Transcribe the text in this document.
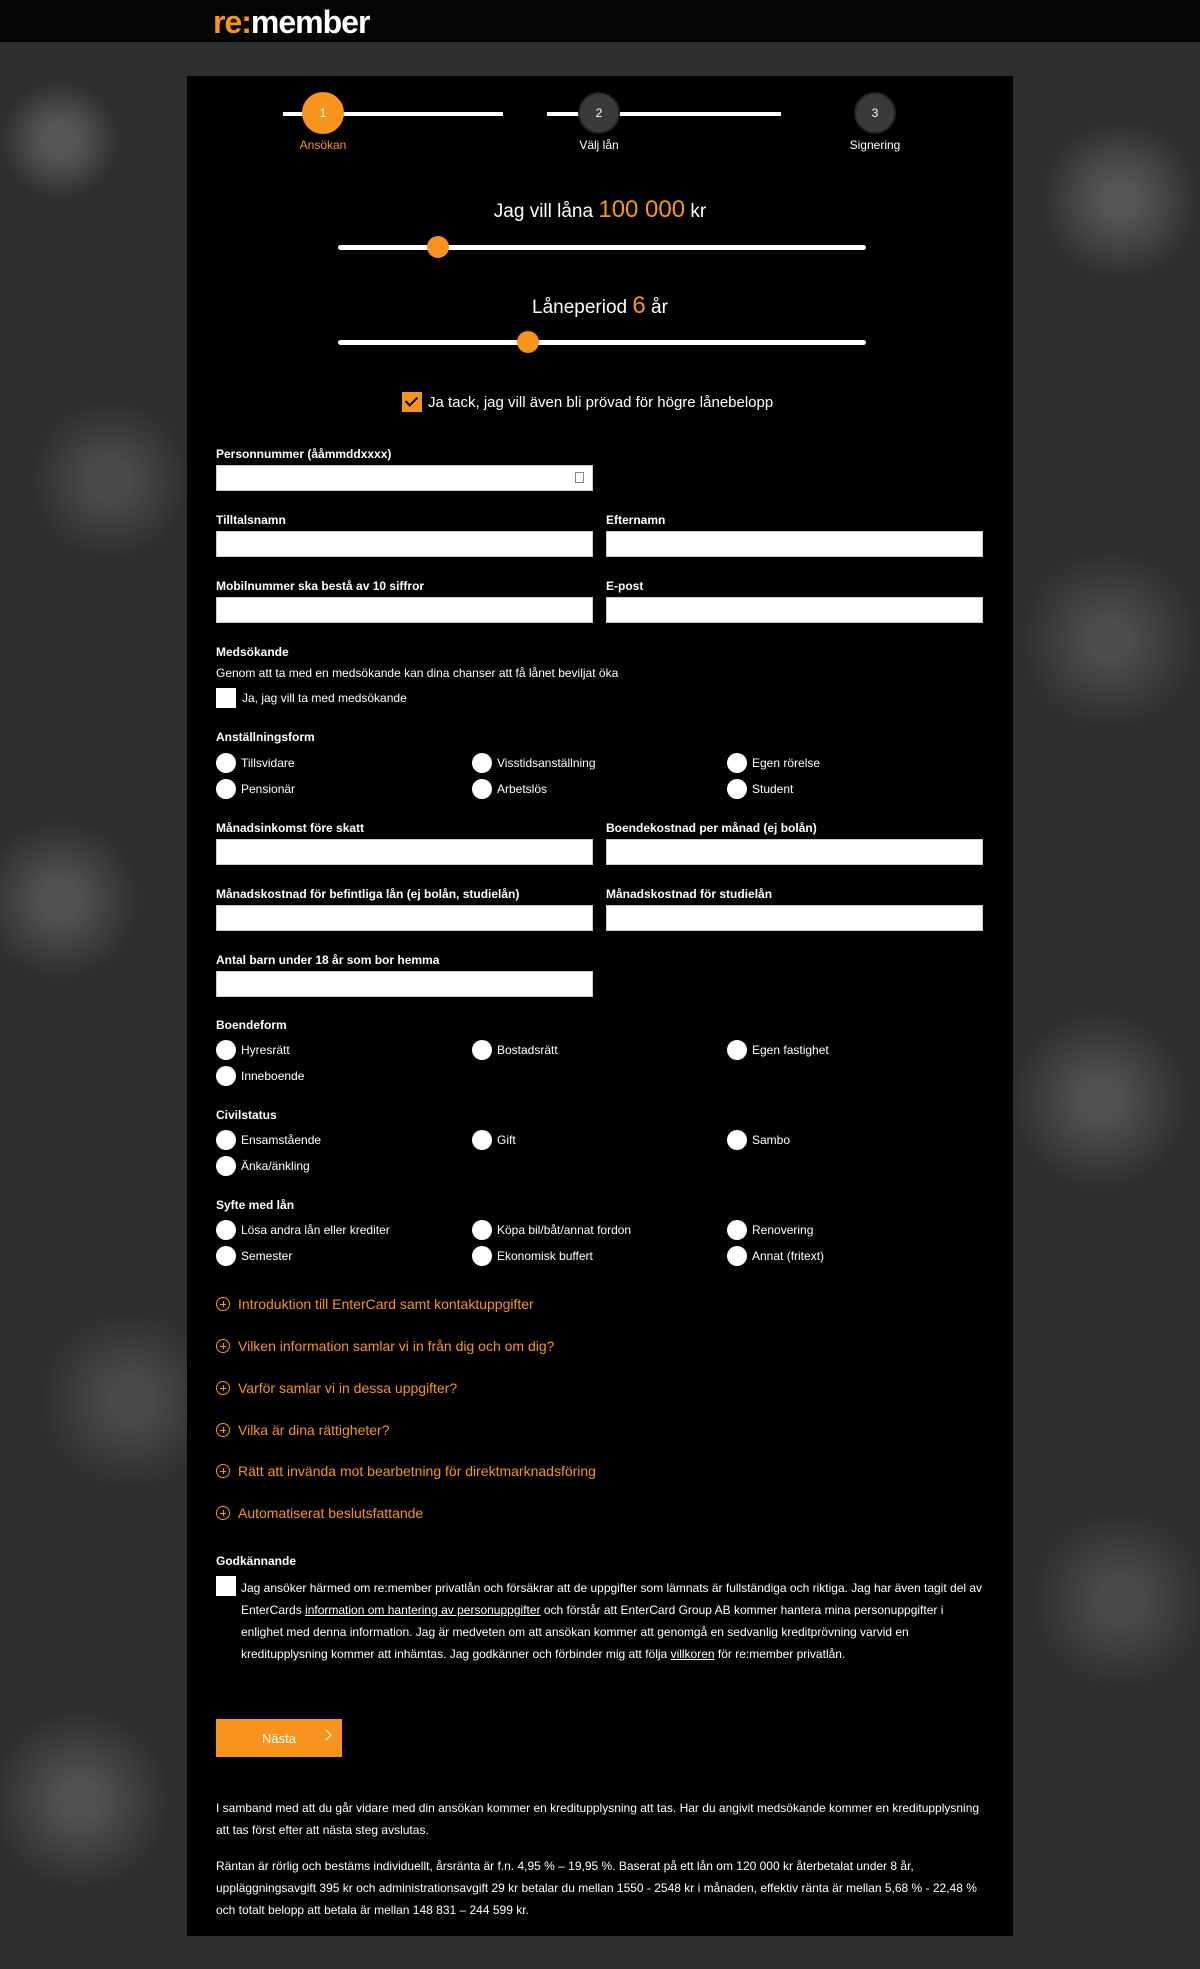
re:member
1	2	3
Ansökan	Välj lån	Signering
Jag vill låna 100 000 kr
Låneperiod 6 år
Ja tack, jag vill även bli prövad för högre lånebelopp
Personnummer (ååmmddxxxx)
Tilltalsnamn	Efternamn
Mobilnummer ska bestå av 10 siffror	E-post
Medsökande
Genom att ta med en medsökande kan dina chanser att få lånet beviljat öka
Ja, jag vill ta med medsökande
Anställningsform
Tillsvidare	Visstidsanställning	Egen rörelse
Pensionär	Arbetslös	Student
Månadsinkomst före skatt	Boendekostnad per månad (ej bolån)
Månadskostnad för befintliga lån (ej bolån, studielån)	Månadskostnad för studielån
Antal barn under 18 år som bor hemma
Boendeform
Hyresrätt	Bostadsrätt	Egen fastighet
Inneboende
Civilstatus
Ensamstående	Gift	Sambo
Änka/änkling
Syfte med lån
Lösa andra lån eller krediter	Köpa bil/båt/annat fordon	Renovering
Semester	Ekonomisk buffert	Annat (fritext)
Introduktion till EnterCard samt kontaktuppgifter
Vilken information samlar vi in från dig och om dig?
Varför samlar vi in dessa uppgifter?
Vilka är dina rättigheter?
Rätt att invända mot bearbetning för direktmarknadsföring
Automatiserat beslutsfattande
Godkännande
Jag ansöker härmed om re:member privatlån och försäkrar att de uppgifter som lämnats är fullständiga och riktiga. Jag har även tagit del av EnterCards information om hantering av personuppgifter och förstår att EnterCard Group AB kommer hantera mina personuppgifter i enlighet med denna information. Jag är medveten om att ansökan kommer att genomgå en sedvanlig kreditprövning varvid en kreditupplysning kommer att inhämtas. Jag godkänner och förbinder mig att följa villkoren för re:member privatlån.
Nästa
I samband med att du går vidare med din ansökan kommer en kreditupplysning att tas. Har du angivit medsökande kommer en kreditupplysning att tas först efter att nästa steg avslutas.
Räntan är rörlig och bestäms individuellt, årsränta är f.n. 4,95 % – 19,95 %. Baserat på ett lån om 120 000 kr återbetalat under 8 år, uppläggningsavgift 395 kr och administrationsavgift 29 kr betalar du mellan 1550 - 2548 kr i månaden, effektiv ränta är mellan 5,68 % - 22,48 % och totalt belopp att betala är mellan 148 831 – 244 599 kr.
